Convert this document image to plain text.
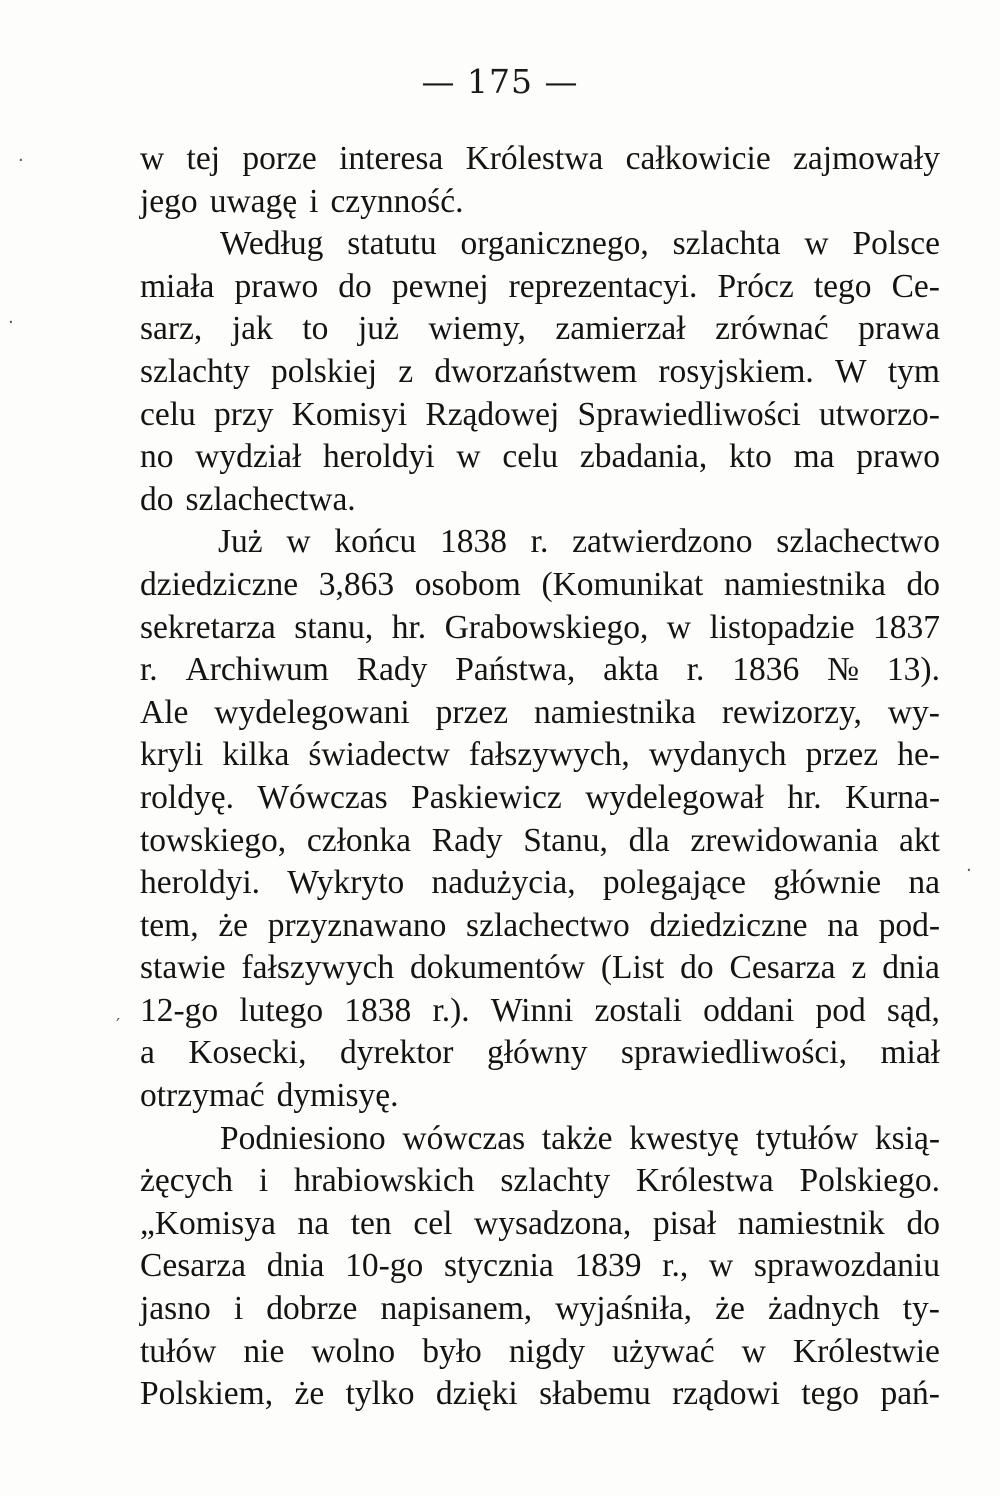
— 175 —
w tej porze interesa Królestwa całkowicie zajmowały
jego uwagę i czynność.
Według statutu organicznego, szlachta w Polsce
miała prawo do pewnej reprezentacyi. Prócz tego Ce-
sarz, jak to już wiemy, zamierzał zrównać prawa
szlachty polskiej z dworzaństwem rosyjskiem. W tym
celu przy Komisyi Rządowej Sprawiedliwości utworzo-
no wydział heroldyi w celu zbadania, kto ma prawo
do szlachectwa.
Już w końcu 1838 r. zatwierdzono szlachectwo
dziedziczne 3,863 osobom (Komunikat namiestnika do
sekretarza stanu, hr. Grabowskiego, w listopadzie 1837
r. Archiwum Rady Państwa, akta r. 1836 № 13).
Ale wydelegowani przez namiestnika rewizorzy, wy-
kryli kilka świadectw fałszywych, wydanych przez he-
roldyę. Wówczas Paskiewicz wydelegował hr. Kurna-
towskiego, członka Rady Stanu, dla zrewidowania akt
heroldyi. Wykryto nadużycia, polegające głównie na
tem, że przyznawano szlachectwo dziedziczne na pod-
stawie fałszywych dokumentów (List do Cesarza z dnia
12-go lutego 1838 r.). Winni zostali oddani pod sąd,
a Kosecki, dyrektor główny sprawiedliwości, miał
otrzymać dymisyę.
Podniesiono wówczas także kwestyę tytułów ksią-
żęcych i hrabiowskich szlachty Królestwa Polskiego.
„Komisya na ten cel wysadzona, pisał namiestnik do
Cesarza dnia 10-go stycznia 1839 r., w sprawozdaniu
jasno i dobrze napisanem, wyjaśniła, że żadnych ty-
tułów nie wolno było nigdy używać w Królestwie
Polskiem, że tylko dzięki słabemu rządowi tego pań-
·
·
′
·
